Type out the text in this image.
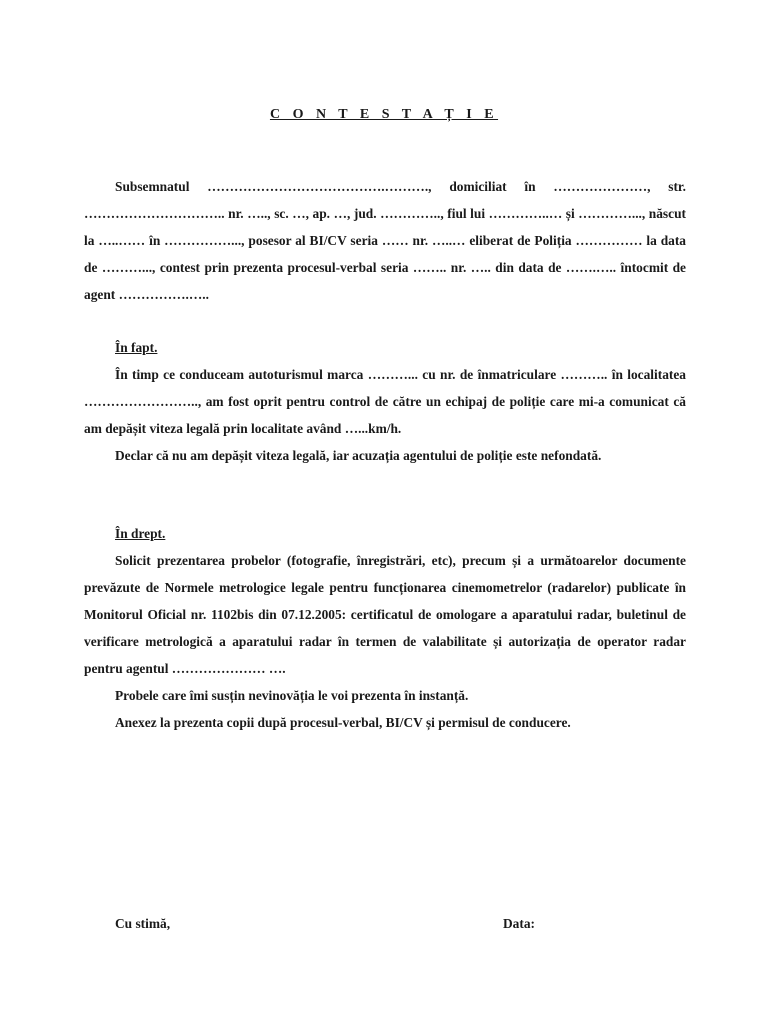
C O N T E S T A Ț I E

Subsemnatul ………………………………….………., domiciliat în …………………, str. ………………………….. nr. ….., sc. …, ap. …, jud. ………….., fiul lui …………..… și …………..., născut la …..…… în ……………..., posesor al BI/CV seria …… nr. …..… eliberat de Poliția …………… la data de ………..., contest prin prezenta procesul-verbal seria …….. nr. ….. din data de …….….. întocmit de agent …………….…..

În fapt.

În timp ce conduceam autoturismul marca ………... cu nr. de înmatriculare ……….. în localitatea …………………….., am fost oprit pentru control de către un echipaj de poliție care mi-a comunicat că am depășit viteza legală prin localitate având …...km/h.

Declar că nu am depășit viteza legală, iar acuzația agentului de poliție este nefondată.

În drept.

Solicit prezentarea probelor (fotografie, înregistrări, etc), precum și a următoarelor documente prevăzute de Normele metrologice legale pentru funcționarea cinemometrelor (radarelor) publicate în Monitorul Oficial nr. 1102bis din 07.12.2005: certificatul de omologare a aparatului radar, buletinul de verificare metrologică a aparatului radar în termen de valabilitate și autorizația de operator radar pentru agentul ………………… ….

Probele care îmi susțin nevinovăția le voi prezenta în instanță.

Anexez la prezenta copii după procesul-verbal, BI/CV și permisul de conducere.

Cu stimă,	Data:
